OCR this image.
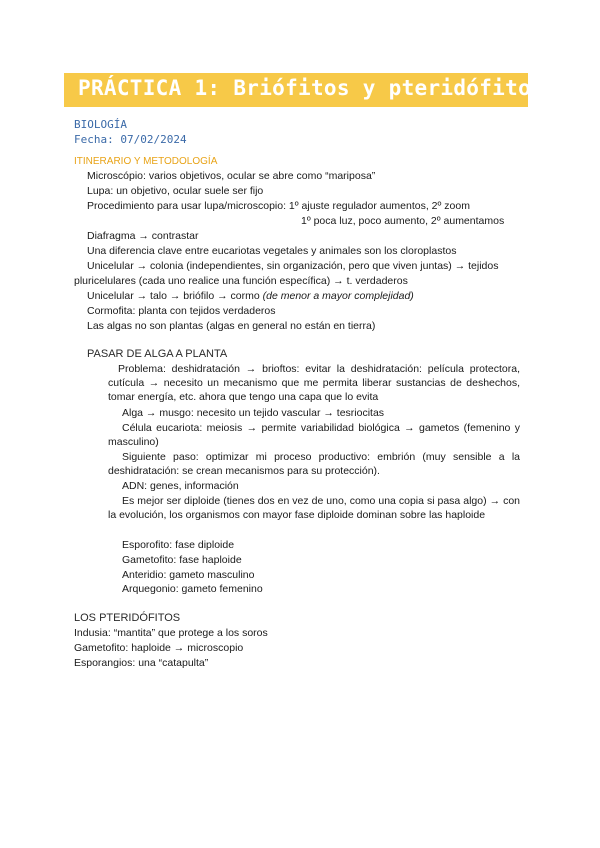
PRÁCTICA 1: Briófitos y pteridófitos
BIOLOGÍA
Fecha: 07/02/2024
ITINERARIO Y METODOLOGÍA
Microscópio: varios objetivos, ocular se abre como “mariposa”
Lupa: un objetivo, ocular suele ser fijo
Procedimiento para usar lupa/microscopio: 1º ajuste regulador aumentos, 2º zoom
1º poca luz, poco aumento, 2º aumentamos
Diafragma → contrastar
Una diferencia clave entre eucariotas vegetales y animales son los cloroplastos
Unicelular → colonia (independientes, sin organización, pero que viven juntas) → tejidos
pluricelulares (cada uno realice una función específica) → t. verdaderos
Unicelular → talo → briófilo → cormo (de menor a mayor complejidad)
Cormofita: planta con tejidos verdaderos
Las algas no son plantas (algas en general no están en tierra)
PASAR DE ALGA A PLANTA
Problema: deshidratación → brioftos: evitar la deshidratación: película protectora, cutícula → necesito un mecanismo que me permita liberar sustancias de deshechos, tomar energía, etc. ahora que tengo una capa que lo evita
Alga → musgo: necesito un tejido vascular → tesriocitas
Célula eucariota: meiosis → permite variabilidad biológica → gametos (femenino y masculino)
Siguiente paso: optimizar mi proceso productivo: embrión (muy sensible a la deshidratación: se crean mecanismos para su protección).
ADN: genes, información
Es mejor ser diploide (tienes dos en vez de uno, como una copia si pasa algo) → con la evolución, los organismos con mayor fase diploide dominan sobre las haploide
Esporofito: fase diploide
Gametofito: fase haploide
Anteridio: gameto masculino
Arquegonio: gameto femenino
LOS PTERIDÓFITOS
Indusia: “mantita” que protege a los soros
Gametofito: haploide → microscopio
Esporangios: una “catapulta”
